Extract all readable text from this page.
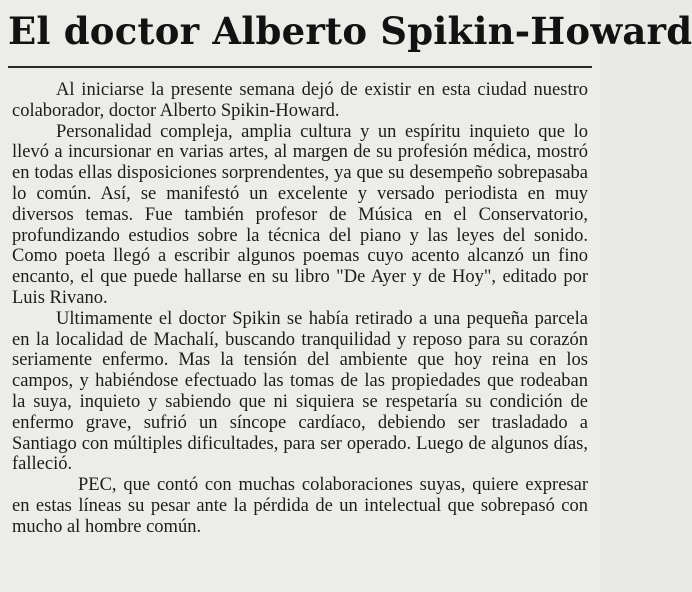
El doctor Alberto Spikin-Howard

Al iniciarse la presente semana dejó de existir en esta ciudad nuestro colaborador, doctor Alberto Spikin-Howard.

Personalidad compleja, amplia cultura y un espíritu inquieto que lo llevó a incursionar en varias artes, al margen de su profesión médica, mostró en todas ellas disposiciones sorprendentes, ya que su desempeño sobrepasaba lo común. Así, se manifestó un excelente y versado periodista en muy diversos temas. Fue también profesor de Música en el Conservatorio, profundizando estudios sobre la técnica del piano y las leyes del sonido. Como poeta llegó a escribir algunos poemas cuyo acento alcanzó un fino encanto, el que puede hallarse en su libro "De Ayer y de Hoy", editado por Luis Rivano.

Ultimamente el doctor Spikin se había retirado a una pequeña parcela en la localidad de Machalí, buscando tranquilidad y reposo para su corazón seriamente enfermo. Mas la tensión del ambiente que hoy reina en los campos, y habiéndose efectuado las tomas de las propiedades que rodeaban la suya, inquieto y sabiendo que ni siquiera se respetaría su condición de enfermo grave, sufrió un síncope cardíaco, debiendo ser trasladado a Santiago con múltiples dificultades, para ser operado. Luego de algunos días, falleció.

PEC, que contó con muchas colaboraciones suyas, quiere expresar en estas líneas su pesar ante la pérdida de un intelectual que sobrepasó con mucho al hombre común.
